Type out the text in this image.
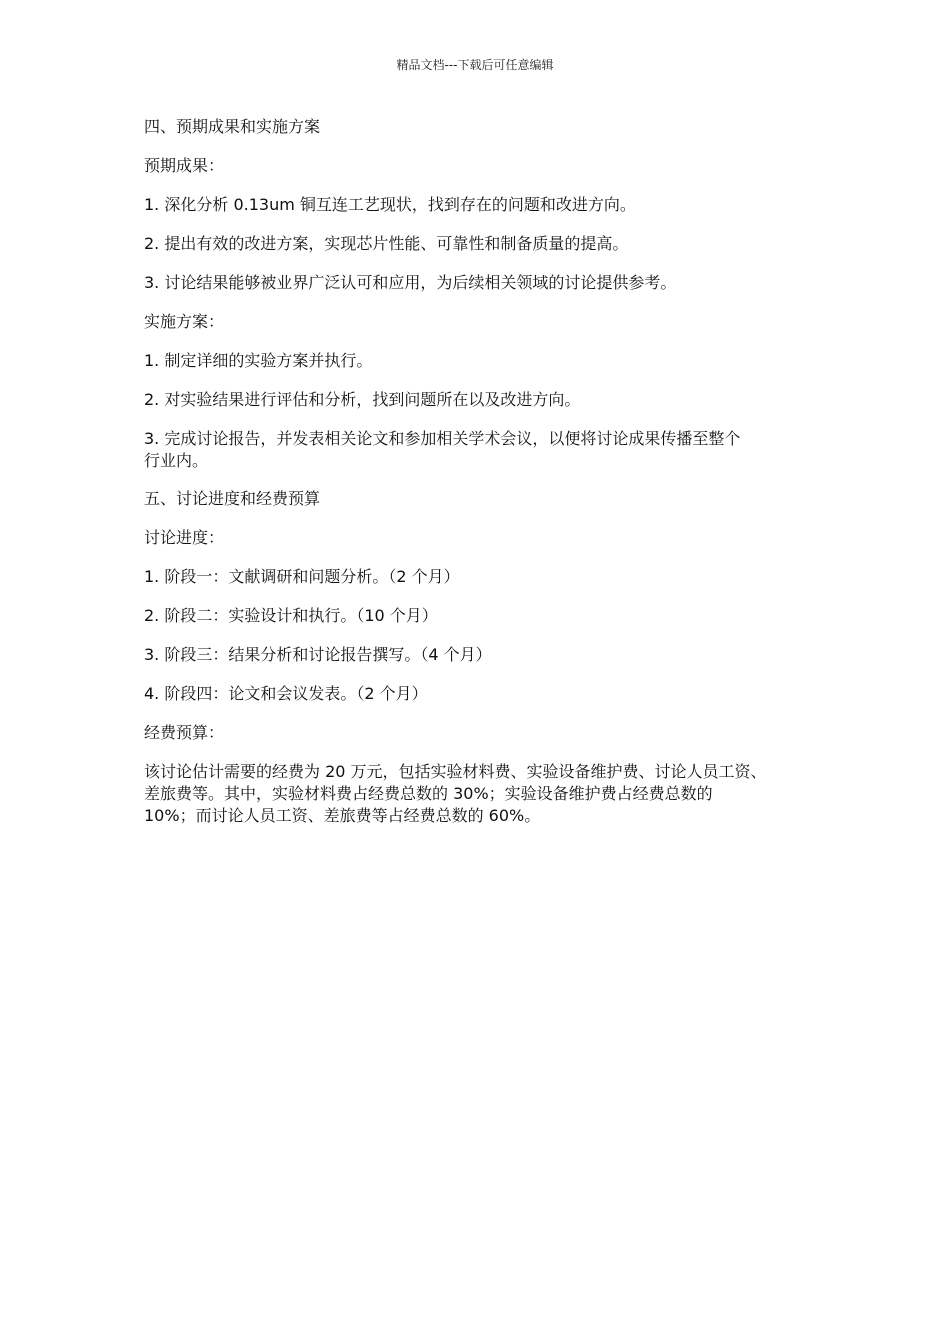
精品文档---下载后可任意编辑

四、预期成果和实施方案

预期成果：

1. 深化分析 0.13um 铜互连工艺现状，找到存在的问题和改进方向。

2. 提出有效的改进方案，实现芯片性能、可靠性和制备质量的提高。

3. 讨论结果能够被业界广泛认可和应用，为后续相关领域的讨论提供参考。

实施方案：

1. 制定详细的实验方案并执行。

2. 对实验结果进行评估和分析，找到问题所在以及改进方向。

3. 完成讨论报告，并发表相关论文和参加相关学术会议，以便将讨论成果传播至整个
行业内。

五、讨论进度和经费预算

讨论进度：

1. 阶段一：文献调研和问题分析。（2 个月）

2. 阶段二：实验设计和执行。（10 个月）

3. 阶段三：结果分析和讨论报告撰写。（4 个月）

4. 阶段四：论文和会议发表。（2 个月）

经费预算：

该讨论估计需要的经费为 20 万元，包括实验材料费、实验设备维护费、讨论人员工资、
差旅费等。其中，实验材料费占经费总数的 30%；实验设备维护费占经费总数的
10%；而讨论人员工资、差旅费等占经费总数的 60%。
